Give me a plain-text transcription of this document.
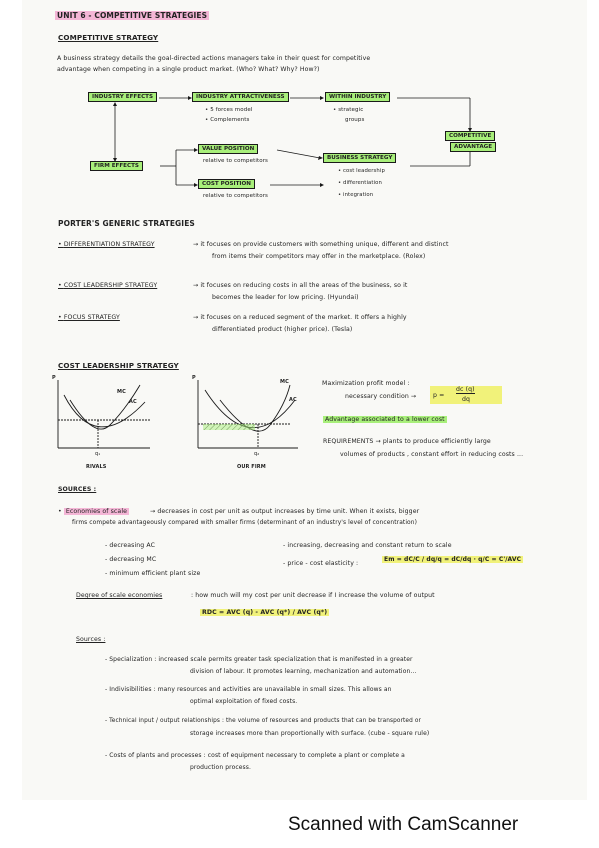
UNIT 6 - COMPETITIVE STRATEGIES
COMPETITIVE STRATEGY
A business strategy details the goal-directed actions managers take in their quest for competitive
advantage when competing in a single product market. (Who? What? Why? How?)
INDUSTRY EFFECTS	INDUSTRY ATTRACTIVENESS
• 5 forces model
• Complements
WITHIN INDUSTRY
• strategic
groups
COMPETITIVE
ADVANTAGE
FIRM EFFECTS
VALUE POSITION
relative to competitors
COST POSITION
relative to competitors
BUSINESS STRATEGY
• cost leadership
• differentiation
• integration
PORTER'S GENERIC STRATEGIES
• DIFFERENTIATION STRATEGY	→ it focuses on provide customers with something unique, different and distinct
from items their competitors may offer in the marketplace. (Rolex)
• COST LEADERSHIP STRATEGY	→ it focuses on reducing costs in all the areas of the business, so it
becomes the leader for low pricing. (Hyundai)
• FOCUS STRATEGY	→ it focuses on a reduced segment of the market. It offers a highly
differentiated product (higher price). (Tesla)
COST LEADERSHIP STRATEGY
P
MC
AC
q₁
RIVALS
P
MC
AC
q₂
OUR FIRM
Maximization profit model :
necessary condition →	p =
dc (q)
dq
Advantage associated to a lower cost
REQUIREMENTS → plants to produce efficiently large
volumes of products , constant effort in reducing costs ...
SOURCES :
• Economies of scale	→ decreases in cost per unit as output increases by time unit. When it exists, bigger
firms compete advantageously compared with smaller firms (determinant of an industry's level of concentration)
- decreasing AC
- decreasing MC
- minimum efficient plant size
- increasing, decreasing and constant return to scale
- price - cost elasticity :
Em = dC/C / dq/q = dC/dq · q/C = C'/AVC
Degree of scale economies	: how much will my cost per unit decrease if I increase the volume of output
RDC = AVC (q) - AVC (q*) / AVC (q*)
Sources :
- Specialization : increased scale permits greater task specialization that is manifested in a greater
division of labour. It promotes learning, mechanization and automation...
- Indivisibilities : many resources and activities are unavailable in small sizes. This allows an
optimal exploitation of fixed costs.
- Technical input / output relationships : the volume of resources and products that can be transported or
storage increases more than proportionally with surface. (cube - square rule)
- Costs of plants and processes : cost of equipment necessary to complete a plant or complete a
production process.
Scanned with CamScanner
